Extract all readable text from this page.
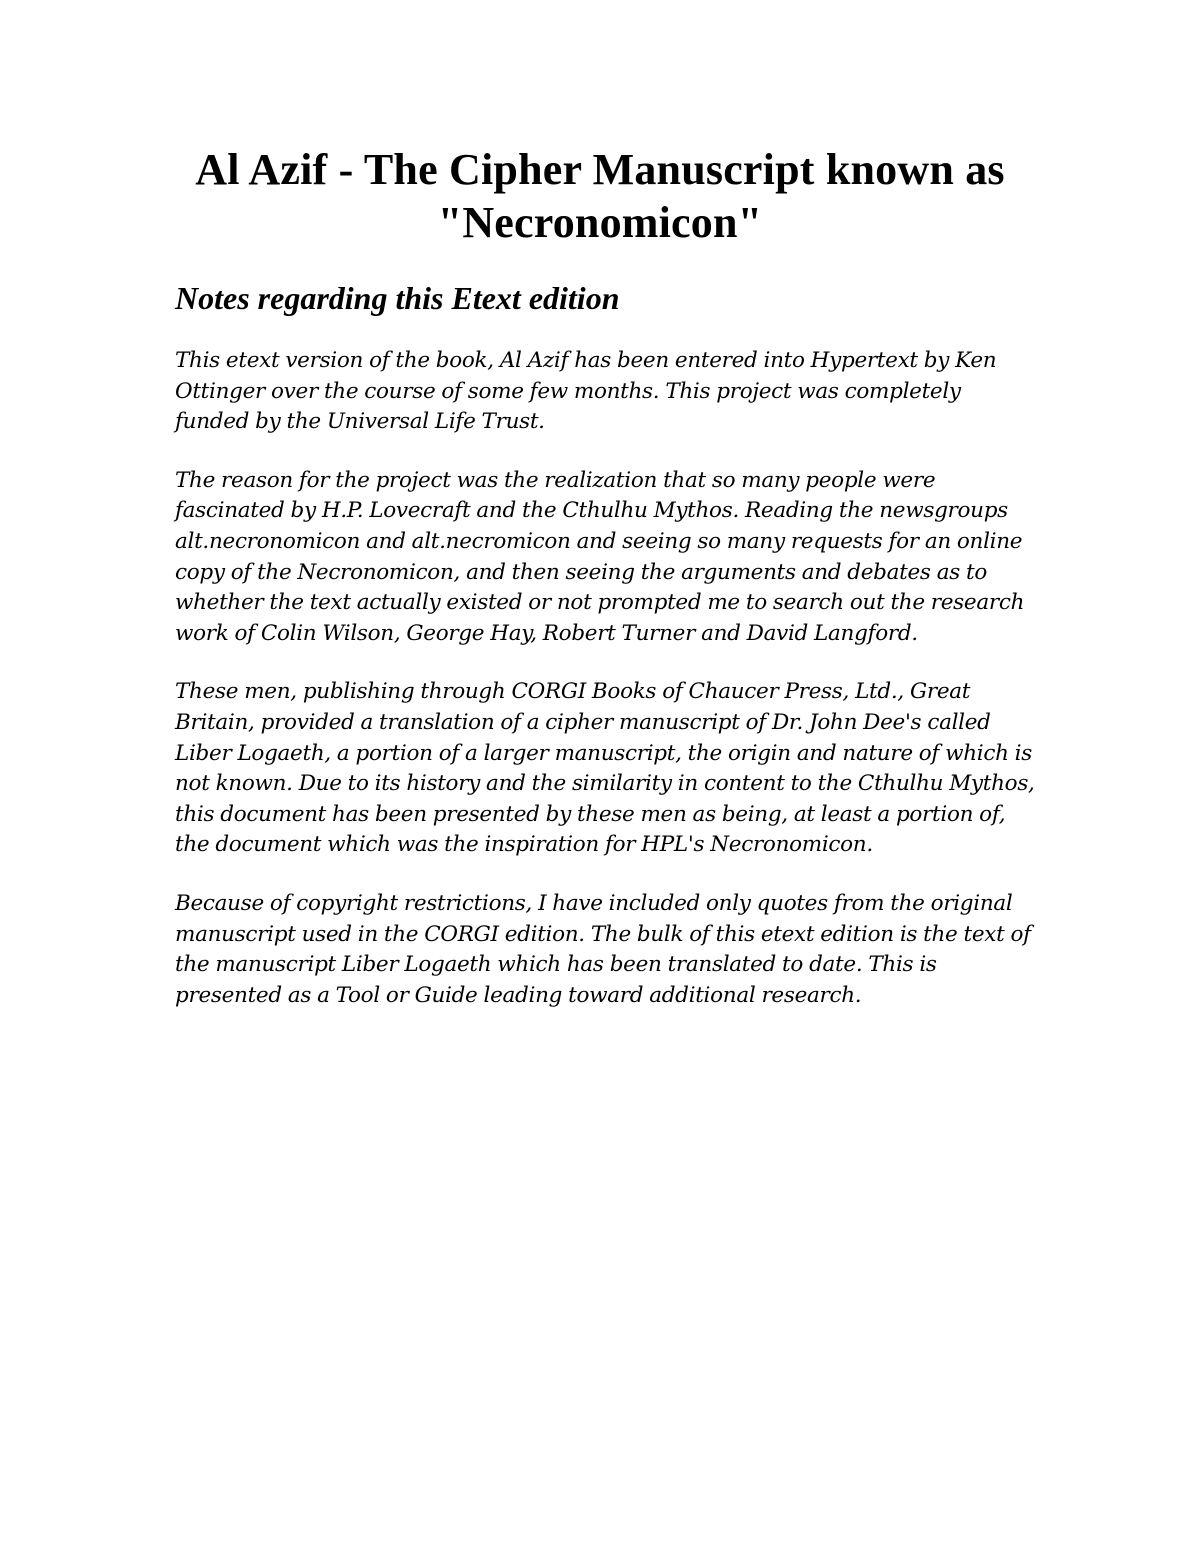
Al Azif - The Cipher Manuscript known as "Necronomicon"
Notes regarding this Etext edition

This etext version of the book, Al Azif has been entered into Hypertext by Ken Ottinger over the course of some few months. This project was completely funded by the Universal Life Trust.

The reason for the project was the realization that so many people were fascinated by H.P. Lovecraft and the Cthulhu Mythos. Reading the newsgroups alt.necronomicon and alt.necromicon and seeing so many requests for an online copy of the Necronomicon, and then seeing the arguments and debates as to whether the text actually existed or not prompted me to search out the research work of Colin Wilson, George Hay, Robert Turner and David Langford.

These men, publishing through CORGI Books of Chaucer Press, Ltd., Great Britain, provided a translation of a cipher manuscript of Dr. John Dee's called Liber Logaeth, a portion of a larger manuscript, the origin and nature of which is not known. Due to its history and the similarity in content to the Cthulhu Mythos, this document has been presented by these men as being, at least a portion of, the document which was the inspiration for HPL's Necronomicon.

Because of copyright restrictions, I have included only quotes from the original manuscript used in the CORGI edition. The bulk of this etext edition is the text of the manuscript Liber Logaeth which has been translated to date. This is presented as a Tool or Guide leading toward additional research.
